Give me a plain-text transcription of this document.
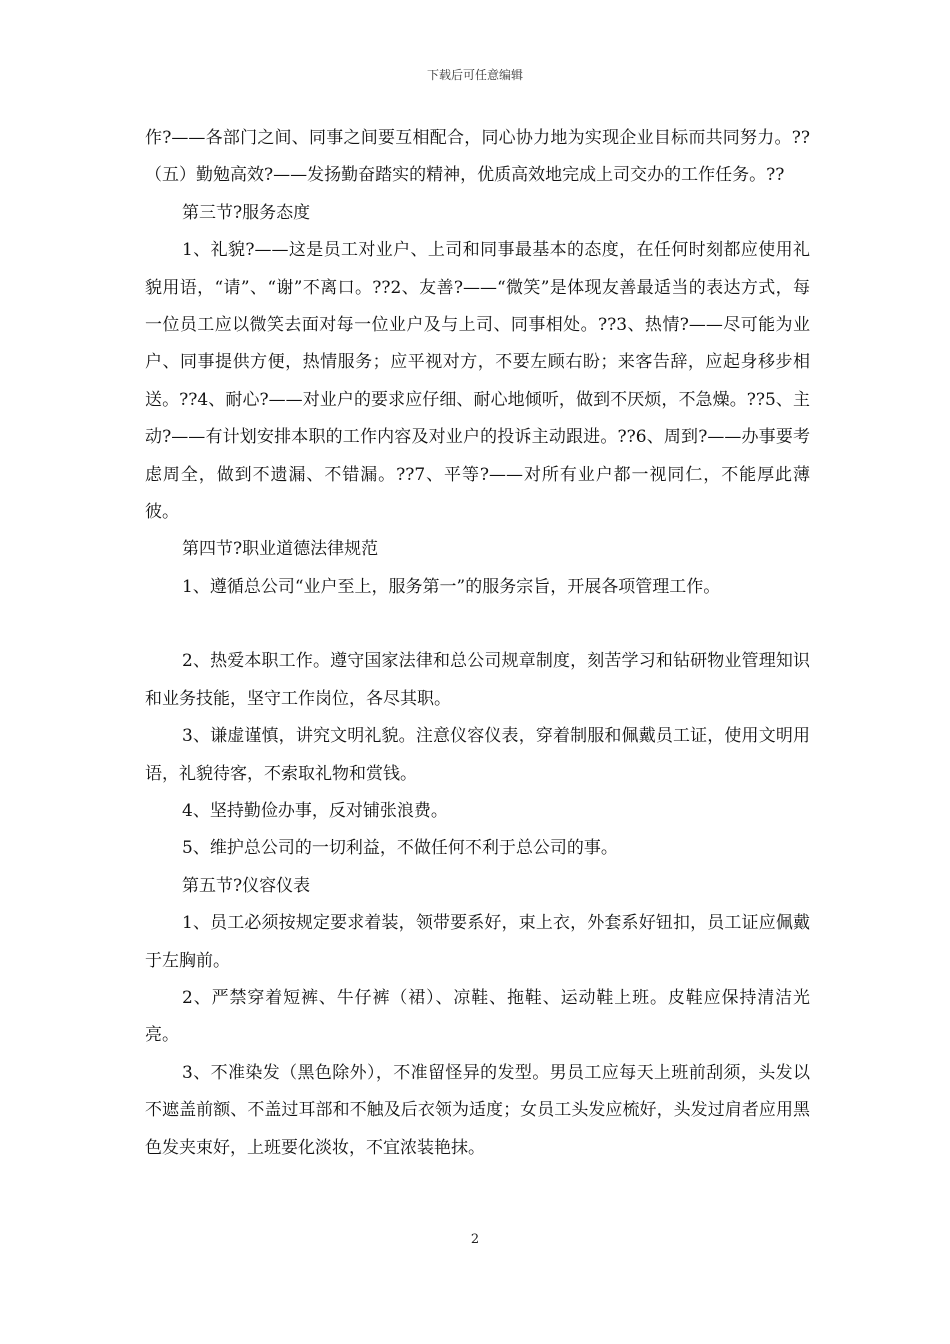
下载后可任意编辑

作?——各部门之间、同事之间要互相配合，同心协力地为实现企业目标而共同努力。??（五）勤勉高效?——发扬勤奋踏实的精神，优质高效地完成上司交办的工作任务。??

第三节?服务态度

1、礼貌?——这是员工对业户、上司和同事最基本的态度，在任何时刻都应使用礼貌用语，“请”、“谢”不离口。??2、友善?——“微笑”是体现友善最适当的表达方式，每一位员工应以微笑去面对每一位业户及与上司、同事相处。??3、热情?——尽可能为业户、同事提供方便，热情服务；应平视对方，不要左顾右盼；来客告辞，应起身移步相送。??4、耐心?——对业户的要求应仔细、耐心地倾听，做到不厌烦，不急燥。??5、主动?——有计划安排本职的工作内容及对业户的投诉主动跟进。??6、周到?——办事要考虑周全，做到不遗漏、不错漏。??7、平等?——对所有业户都一视同仁，不能厚此薄彼。

第四节?职业道德法律规范

1、遵循总公司“业户至上，服务第一”的服务宗旨，开展各项管理工作。

2、热爱本职工作。遵守国家法律和总公司规章制度，刻苦学习和钻研物业管理知识和业务技能，坚守工作岗位，各尽其职。

3、谦虚谨慎，讲究文明礼貌。注意仪容仪表，穿着制服和佩戴员工证，使用文明用语，礼貌待客，不索取礼物和赏钱。

4、坚持勤俭办事，反对铺张浪费。

5、维护总公司的一切利益，不做任何不利于总公司的事。

第五节?仪容仪表

1、员工必须按规定要求着装，领带要系好，束上衣，外套系好钮扣，员工证应佩戴于左胸前。

2、严禁穿着短裤、牛仔裤（裙）、凉鞋、拖鞋、运动鞋上班。皮鞋应保持清洁光亮。

3、不准染发（黑色除外），不准留怪异的发型。男员工应每天上班前刮须，头发以不遮盖前额、不盖过耳部和不触及后衣领为适度；女员工头发应梳好，头发过肩者应用黑色发夹束好，上班要化淡妆，不宜浓装艳抹。

2
